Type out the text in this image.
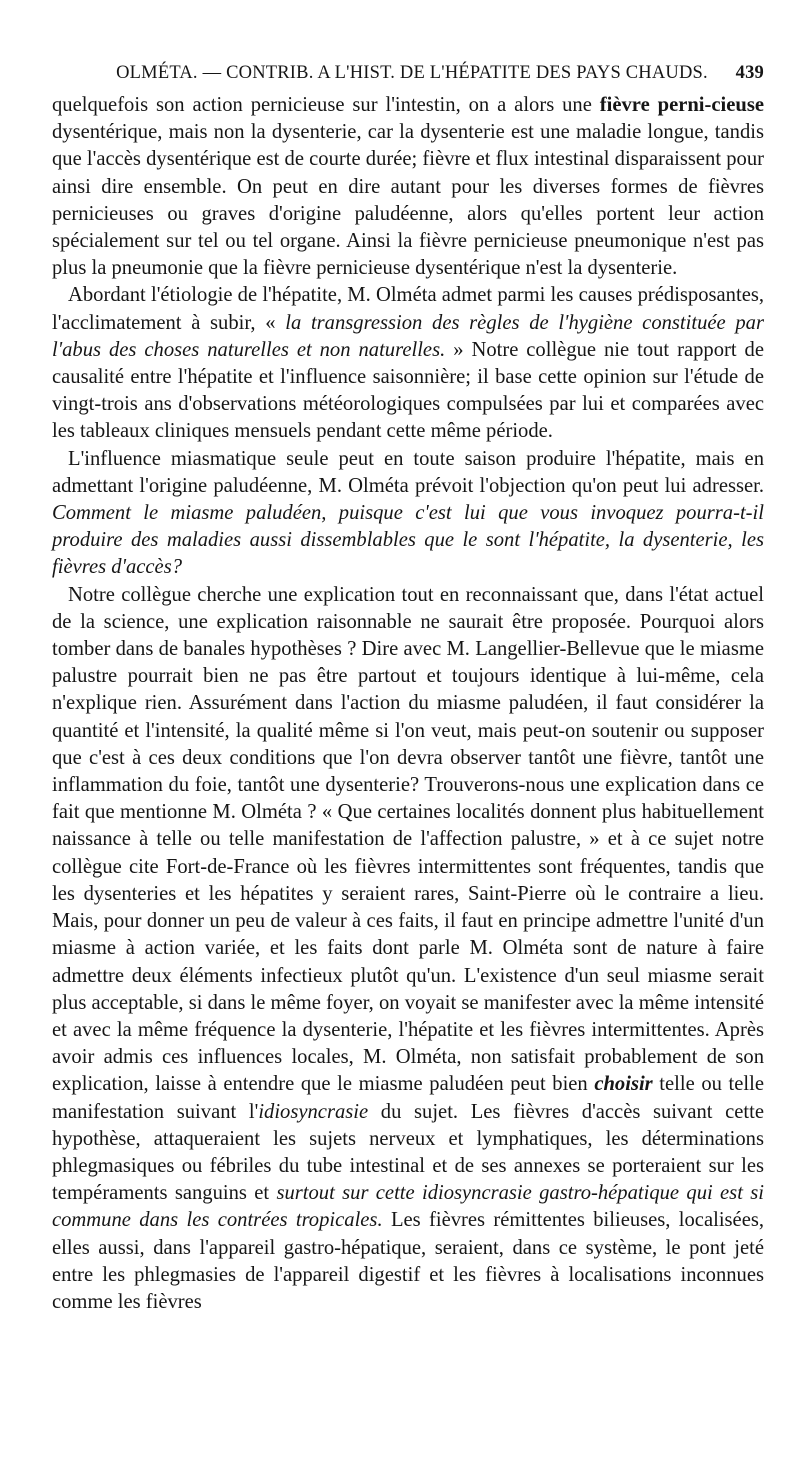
OLMÉTA. — CONTRIB. A L'HIST. DE L'HÉPATITE DES PAYS CHAUDS. 439

quelquefois son action pernicieuse sur l'intestin, on a alors une fièvre perni-cieuse dysentérique, mais non la dysenterie, car la dysenterie est une maladie longue, tandis que l'accès dysentérique est de courte durée; fièvre et flux intestinal disparaissent pour ainsi dire ensemble. On peut en dire autant pour les diverses formes de fièvres pernicieuses ou graves d'origine paludéenne, alors qu'elles portent leur action spécialement sur tel ou tel organe. Ainsi la fièvre pernicieuse pneumonique n'est pas plus la pneumonie que la fièvre pernicieuse dysentérique n'est la dysenterie.

Abordant l'étiologie de l'hépatite, M. Olméta admet parmi les causes prédisposantes, l'acclimatement à subir, « la transgression des règles de l'hygiène constituée par l'abus des choses naturelles et non naturelles. » Notre collègue nie tout rapport de causalité entre l'hépatite et l'influence saisonnière; il base cette opinion sur l'étude de vingt-trois ans d'observations météorologiques compulsées par lui et comparées avec les tableaux cliniques mensuels pendant cette même période.

L'influence miasmatique seule peut en toute saison produire l'hépatite, mais en admettant l'origine paludéenne, M. Olméta prévoit l'objection qu'on peut lui adresser. Comment le miasme paludéen, puisque c'est lui que vous invoquez pourra-t-il produire des maladies aussi dissemblables que le sont l'hépatite, la dysenterie, les fièvres d'accès?

Notre collègue cherche une explication tout en reconnaissant que, dans l'état actuel de la science, une explication raisonnable ne saurait être proposée. Pourquoi alors tomber dans de banales hypothèses ? Dire avec M. Langellier-Bellevue que le miasme palustre pourrait bien ne pas être partout et toujours identique à lui-même, cela n'explique rien. Assurément dans l'action du miasme paludéen, il faut considérer la quantité et l'intensité, la qualité même si l'on veut, mais peut-on soutenir ou supposer que c'est à ces deux conditions que l'on devra observer tantôt une fièvre, tantôt une inflammation du foie, tantôt une dysenterie? Trouverons-nous une explication dans ce fait que mentionne M. Olméta ? « Que certaines localités donnent plus habituellement naissance à telle ou telle manifestation de l'affection palustre, » et à ce sujet notre collègue cite Fort-de-France où les fièvres intermittentes sont fréquentes, tandis que les dysenteries et les hépatites y seraient rares, Saint-Pierre où le contraire a lieu. Mais, pour donner un peu de valeur à ces faits, il faut en principe admettre l'unité d'un miasme à action variée, et les faits dont parle M. Olméta sont de nature à faire admettre deux éléments infectieux plutôt qu'un. L'existence d'un seul miasme serait plus acceptable, si dans le même foyer, on voyait se manifester avec la même intensité et avec la même fréquence la dysenterie, l'hépatite et les fièvres intermittentes. Après avoir admis ces influences locales, M. Olméta, non satisfait probablement de son explication, laisse à entendre que le miasme paludéen peut bien choisir telle ou telle manifestation suivant l'idiosyncrasie du sujet. Les fièvres d'accès suivant cette hypothèse, attaqueraient les sujets nerveux et lymphatiques, les déterminations phlegmasiques ou fébriles du tube intestinal et de ses annexes se porteraient sur les tempéraments sanguins et surtout sur cette idiosyncrasie gastro-hépatique qui est si commune dans les contrées tropicales. Les fièvres rémittentes bilieuses, localisées, elles aussi, dans l'appareil gastro-hépatique, seraient, dans ce système, le pont jeté entre les phlegmasies de l'appareil digestif et les fièvres à localisations inconnues comme les fièvres
